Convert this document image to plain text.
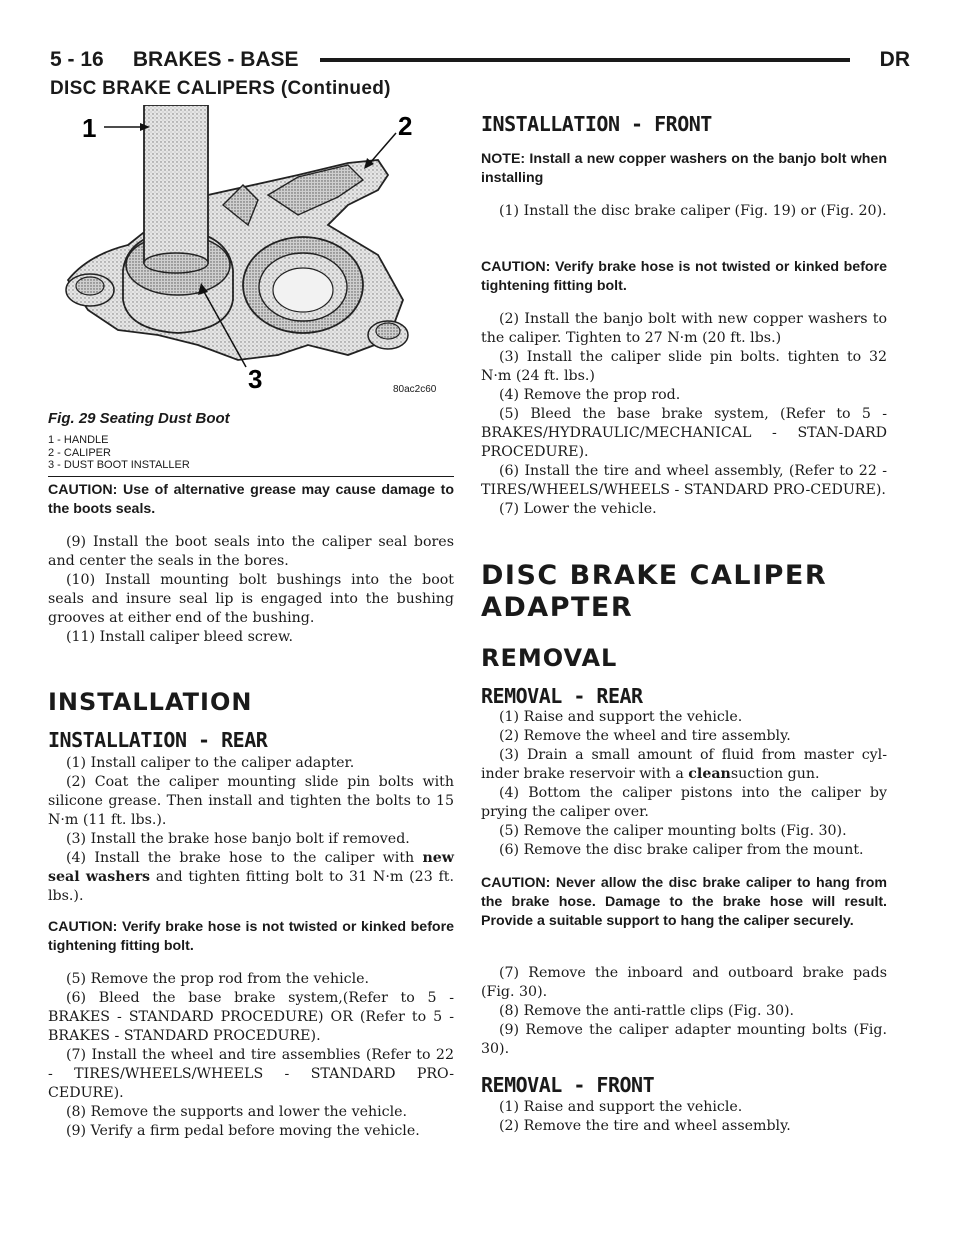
5 - 16     BRAKES - BASE	DR
DISC BRAKE CALIPERS (Continued)
1	2
3	80ac2c60
Fig. 29 Seating Dust Boot
1 - HANDLE
2 - CALIPER
3 - DUST BOOT INSTALLER
CAUTION: Use of alternative grease may cause damage to the boots seals.

(9) Install the boot seals into the caliper seal bores and center the seals in the bores.

(10) Install mounting bolt bushings into the boot seals and insure seal lip is engaged into the bushing grooves at either end of the bushing.

(11) Install caliper bleed screw.

INSTALLATION
INSTALLATION - REAR

(1) Install caliper to the caliper adapter.

(2) Coat the caliper mounting slide pin bolts with silicone grease. Then install and tighten the bolts to 15 N·m (11 ft. lbs.).

(3) Install the brake hose banjo bolt if removed.

(4) Install the brake hose to the caliper with new seal washers and tighten fitting bolt to 31 N·m (23 ft. lbs.).

CAUTION: Verify brake hose is not twisted or kinked before tightening fitting bolt.

(5) Remove the prop rod from the vehicle.

(6) Bleed the base brake system,(Refer to 5 - BRAKES - STANDARD PROCEDURE) OR (Refer to 5 - BRAKES - STANDARD PROCEDURE).

(7) Install the wheel and tire assemblies (Refer to 22 - TIRES/WHEELS/WHEELS - STANDARD PRO-CEDURE).

(8) Remove the supports and lower the vehicle.

(9) Verify a firm pedal before moving the vehicle.

INSTALLATION - FRONT
NOTE: Install a new copper washers on the banjo bolt when installing

(1) Install the disc brake caliper (Fig. 19) or (Fig. 20).

CAUTION: Verify brake hose is not twisted or kinked before tightening fitting bolt.

(2) Install the banjo bolt with new copper washers to the caliper. Tighten to 27 N·m (20 ft. lbs.)

(3) Install the caliper slide pin bolts. tighten to 32 N·m (24 ft. lbs.)

(4) Remove the prop rod.

(5) Bleed the base brake system, (Refer to 5 - BRAKES/HYDRAULIC/MECHANICAL - STAN-DARD PROCEDURE).

(6) Install the tire and wheel assembly, (Refer to 22 - TIRES/WHEELS/WHEELS - STANDARD PRO-CEDURE).

(7) Lower the vehicle.

DISC BRAKE CALIPER
ADAPTER
REMOVAL
REMOVAL - REAR

(1) Raise and support the vehicle.

(2) Remove the wheel and tire assembly.

(3) Drain a small amount of fluid from master cyl-inder brake reservoir with a cleansuction gun.

(4) Bottom the caliper pistons into the caliper by prying the caliper over.

(5) Remove the caliper mounting bolts (Fig. 30).

(6) Remove the disc brake caliper from the mount.

CAUTION: Never allow the disc brake caliper to hang from the brake hose. Damage to the brake hose will result. Provide a suitable support to hang the caliper securely.

(7) Remove the inboard and outboard brake pads (Fig. 30).

(8) Remove the anti-rattle clips (Fig. 30).

(9) Remove the caliper adapter mounting bolts (Fig. 30).

REMOVAL - FRONT

(1) Raise and support the vehicle.

(2) Remove the tire and wheel assembly.
